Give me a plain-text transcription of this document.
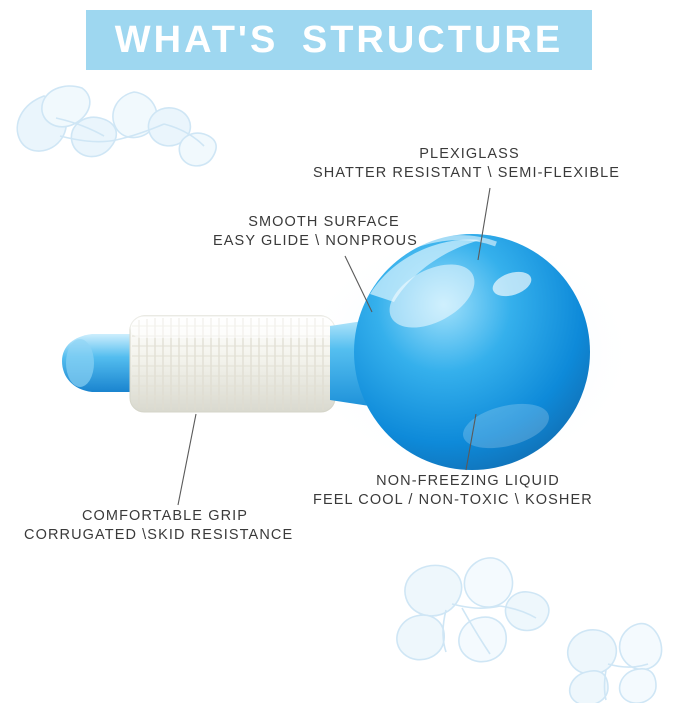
WHAT'S STRUCTURE
PLEXIGLASS
SHATTER RESISTANT \ SEMI-FLEXIBLE
SMOOTH SURFACE
EASY GLIDE \ NONPROUS
NON-FREEZING LIQUID
FEEL COOL / NON-TOXIC \ KOSHER
COMFORTABLE GRIP
CORRUGATED \SKID RESISTANCE
